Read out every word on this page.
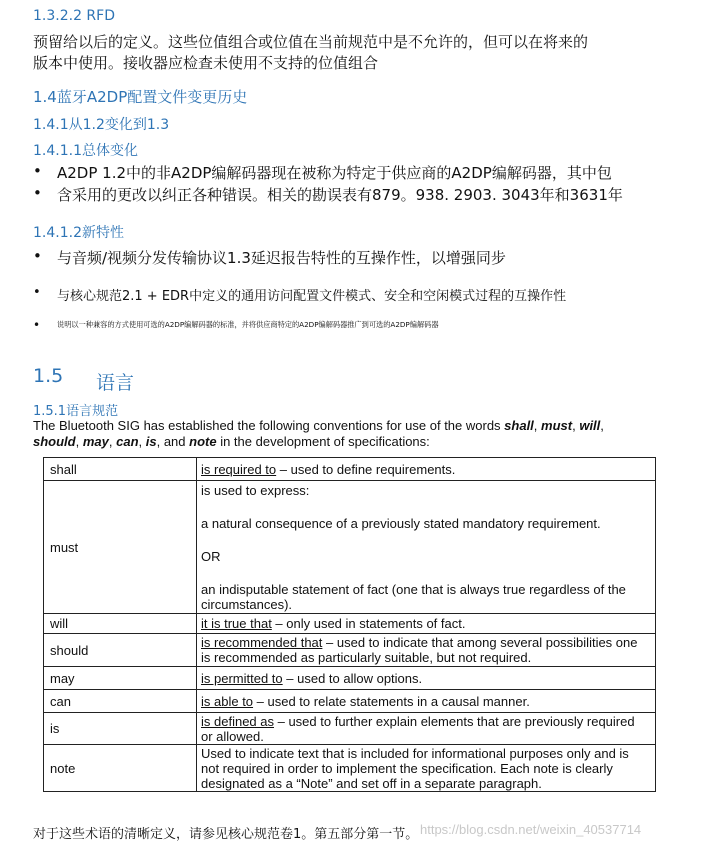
1.3.2.2 RFD
预留给以后的定义。这些位值组合或位值在当前规范中是不允许的，但可以在将来的
版本中使用。接收器应检查未使用不支持的位值组合
1.4蓝牙A2DP配置文件变更历史
1.4.1从1.2变化到1.3
1.4.1.1总体变化
• A2DP 1.2中的非A2DP编解码器现在被称为特定于供应商的A2DP编解码器，其中包
• 含采用的更改以纠正各种错误。相关的勘误表有879。938. 2903. 3043年和3631年
1.4.1.2新特性
• 与音频/视频分发传输协议1.3延迟报告特性的互操作性，以增强同步
• 与核心规范2.1 + EDR中定义的通用访问配置文件模式、安全和空闲模式过程的互操作性
• 说明以一种兼容的方式使用可选的A2DP编解码器的标准，并将供应商特定的A2DP编解码器推广到可选的A2DP编解码器
1.5 语言
1.5.1语言规范
The Bluetooth SIG has established the following conventions for use of the words shall, must, will,
should, may, can, is, and note in the development of specifications:
shall	is required to – used to define requirements.
must	is used to express:
a natural consequence of a previously stated mandatory requirement.
OR
an indisputable statement of fact (one that is always true regardless of the circumstances).

will	it is true that – only used in statements of fact.
should	is recommended that – used to indicate that among several possibilities one is recommended as particularly suitable, but not required.
may	is permitted to – used to allow options.
can	is able to – used to relate statements in a causal manner.
is	is defined as – used to further explain elements that are previously required or allowed.
note	Used to indicate text that is included for informational purposes only and is not required in order to implement the specification. Each note is clearly designated as a “Note” and set off in a separate paragraph.
对于这些术语的清晰定义，请参见核心规范卷1。第五部分第一节。 https://blog.csdn.net/weixin_40537714
